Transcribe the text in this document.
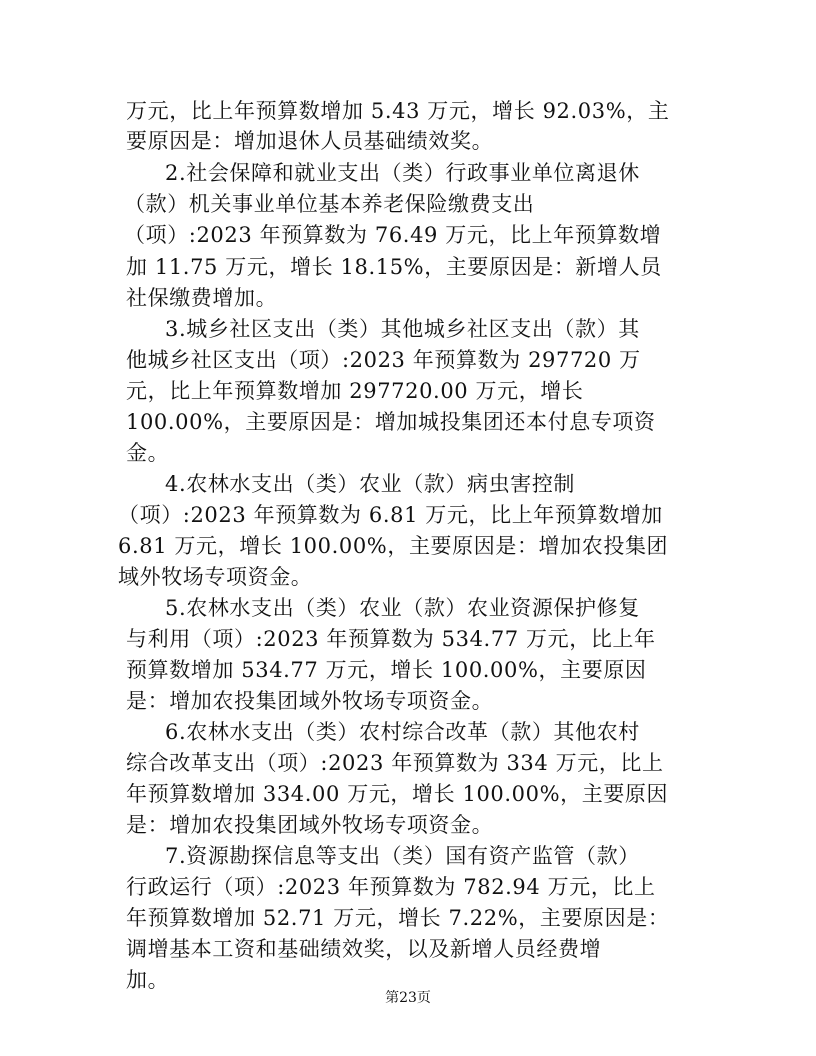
万元，比上年预算数增加 5.43 万元，增长 92.03%，主
要原因是：增加退休人员基础绩效奖。
2.社会保障和就业支出（类）行政事业单位离退休
（款）机关事业单位基本养老保险缴费支出
（项）:2023 年预算数为 76.49 万元，比上年预算数增
加 11.75 万元，增长 18.15%，主要原因是：新增人员
社保缴费增加。
3.城乡社区支出（类）其他城乡社区支出（款）其
他城乡社区支出（项）:2023 年预算数为 297720 万
元，比上年预算数增加 297720.00 万元，增长
100.00%，主要原因是：增加城投集团还本付息专项资
金。
4.农林水支出（类）农业（款）病虫害控制
（项）:2023 年预算数为 6.81 万元，比上年预算数增加
6.81 万元，增长 100.00%，主要原因是：增加农投集团
域外牧场专项资金。
5.农林水支出（类）农业（款）农业资源保护修复
与利用（项）:2023 年预算数为 534.77 万元，比上年
预算数增加 534.77 万元，增长 100.00%，主要原因
是：增加农投集团域外牧场专项资金。
6.农林水支出（类）农村综合改革（款）其他农村
综合改革支出（项）:2023 年预算数为 334 万元，比上
年预算数增加 334.00 万元，增长 100.00%，主要原因
是：增加农投集团域外牧场专项资金。
7.资源勘探信息等支出（类）国有资产监管（款）
行政运行（项）:2023 年预算数为 782.94 万元，比上
年预算数增加 52.71 万元，增长 7.22%，主要原因是：
调增基本工资和基础绩效奖，以及新增人员经费增
加。
第23页
